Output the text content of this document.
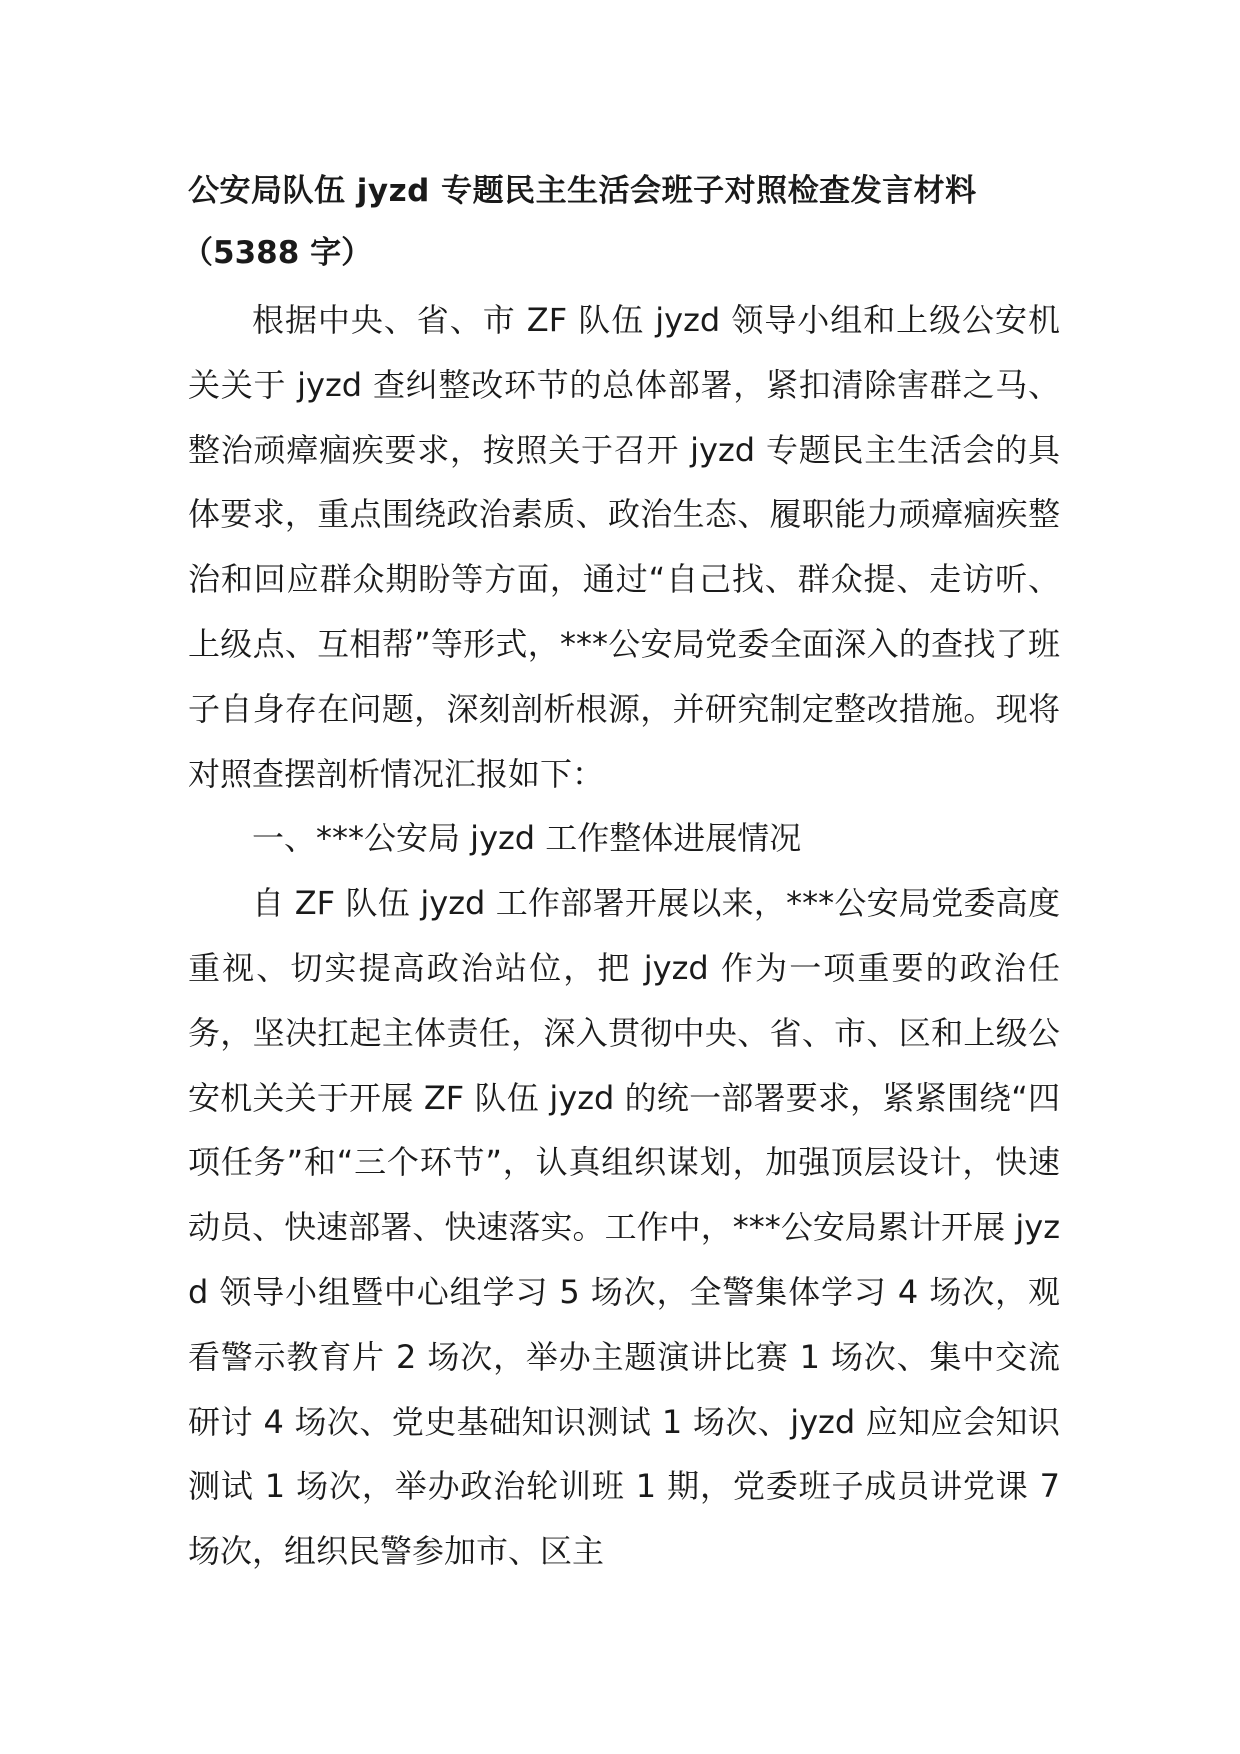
公安局队伍 jyzd 专题民主生活会班子对照检查发言材料

（5388 字）

根据中央、省、市 ZF 队伍 jyzd 领导小组和上级公安机关关于 jyzd 查纠整改环节的总体部署，紧扣清除害群之马、整治顽瘴痼疾要求，按照关于召开 jyzd 专题民主生活会的具体要求，重点围绕政治素质、政治生态、履职能力顽瘴痼疾整治和回应群众期盼等方面，通过“自己找、群众提、走访听、上级点、互相帮”等形式，***公安局党委全面深入的查找了班子自身存在问题，深刻剖析根源，并研究制定整改措施。现将对照查摆剖析情况汇报如下：

一、***公安局 jyzd 工作整体进展情况

自 ZF 队伍 jyzd 工作部署开展以来，***公安局党委高度重视、切实提高政治站位，把 jyzd 作为一项重要的政治任务，坚决扛起主体责任，深入贯彻中央、省、市、区和上级公安机关关于开展 ZF 队伍 jyzd 的统一部署要求，紧紧围绕“四项任务”和“三个环节”，认真组织谋划，加强顶层设计，快速动员、快速部署、快速落实。工作中，***公安局累计开展 jyzd 领导小组暨中心组学习 5 场次，全警集体学习 4 场次，观看警示教育片 2 场次，举办主题演讲比赛 1 场次、集中交流研讨 4 场次、党史基础知识测试 1 场次、jyzd 应知应会知识测试 1 场次，举办政治轮训班 1 期，党委班子成员讲党课 7 场次，组织民警参加市、区主
